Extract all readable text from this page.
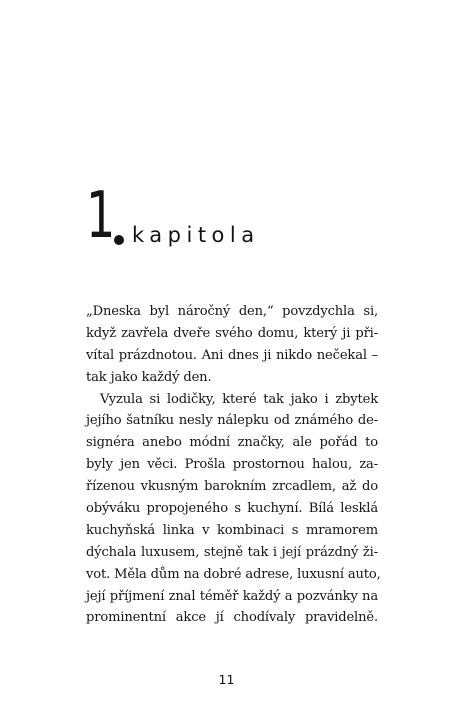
1 kapitola
„Dneska byl náročný den,“ povzdychla si,
když zavřela dveře svého domu, který ji při-
vítal prázdnotou. Ani dnes ji nikdo nečekal –
tak jako každý den.
Vyzula si lodičky, které tak jako i zbytek
jejího šatníku nesly nálepku od známého de-
signéra anebo módní značky, ale pořád to
byly jen věci. Prošla prostornou halou, za-
řízenou vkusným barokním zrcadlem, až do
obýváku propojeného s kuchyní. Bílá lesklá
kuchyňská linka v kombinaci s mramorem
dýchala luxusem, stejně tak i její prázdný ži-
vot. Měla dům na dobré adrese, luxusní auto,
její příjmení znal téměř každý a pozvánky na
prominentní akce jí chodívaly pravidelně.
11
